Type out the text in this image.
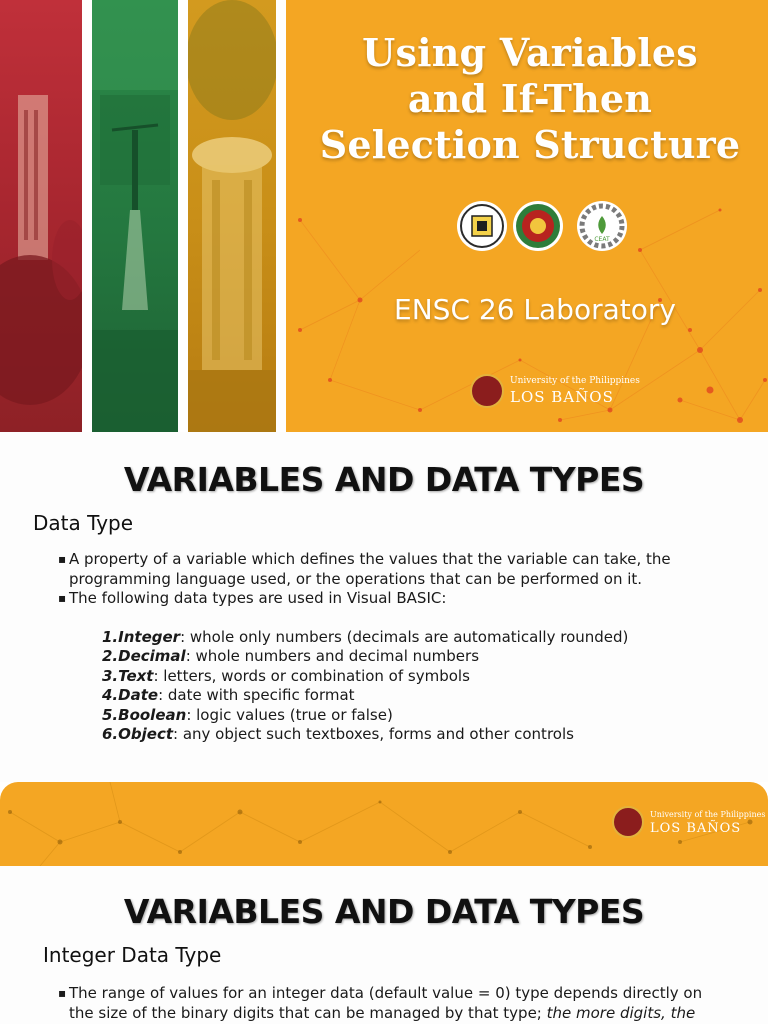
Using Variables
and If-Then
Selection Structure
CEAT
ENSC 26 Laboratory
University of the Philippines
LOS BAÑOS
VARIABLES AND DATA TYPES
Data Type
▪ A property of a variable which defines the values that the variable can take, the programming language used, or the operations that can be performed on it.
▪ The following data types are used in Visual BASIC:
1.Integer: whole only numbers (decimals are automatically rounded)
2.Decimal: whole numbers and decimal numbers
3.Text: letters, words or combination of symbols
4.Date: date with specific format
5.Boolean: logic values (true or false)
6.Object: any object such textboxes, forms and other controls
University of the Philippines
LOS BAÑOS
VARIABLES AND DATA TYPES
Integer Data Type
▪ The range of values for an integer data (default value = 0) type depends directly on the size of the binary digits that can be managed by that type; the more digits, the
